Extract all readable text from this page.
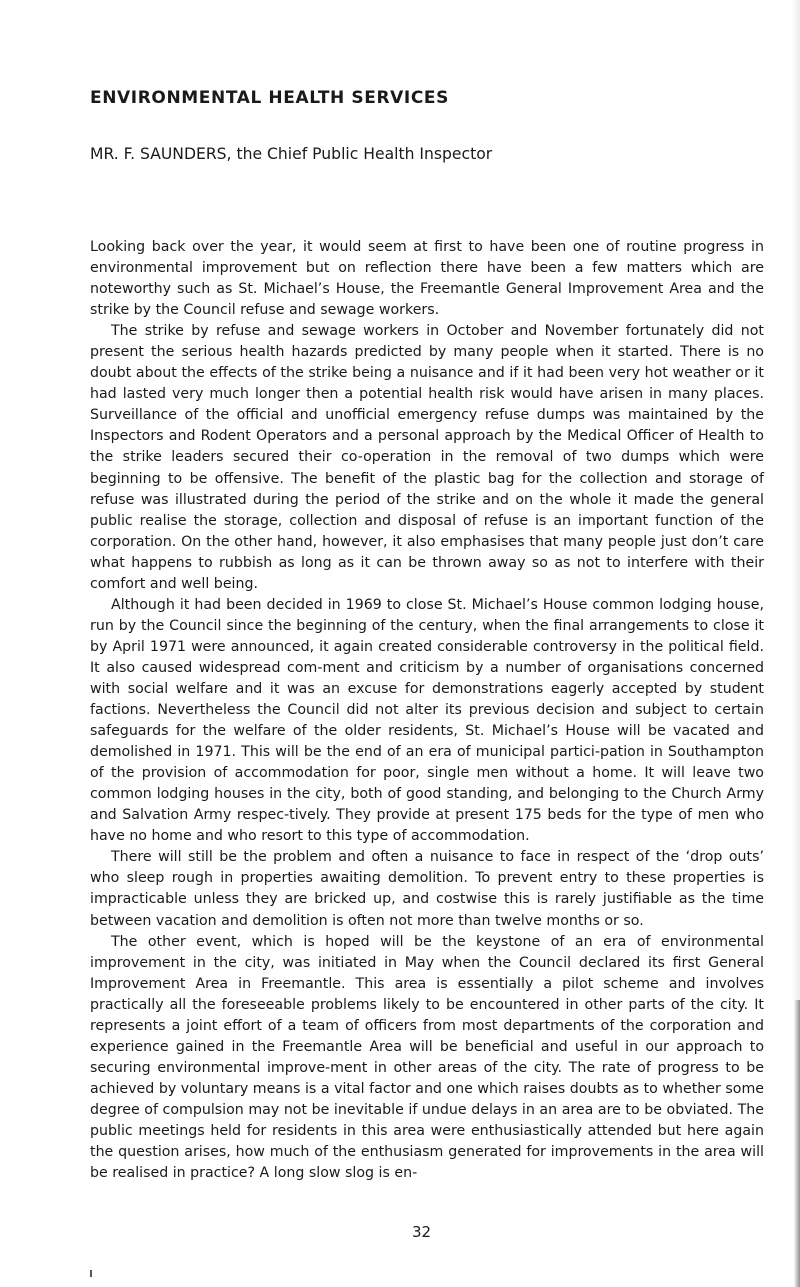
ENVIRONMENTAL HEALTH SERVICES

MR. F. SAUNDERS, the Chief Public Health Inspector

Looking back over the year, it would seem at first to have been one of routine progress in environmental improvement but on reflection there have been a few matters which are noteworthy such as St. Michael’s House, the Freemantle General Improvement Area and the strike by the Council refuse and sewage workers.

The strike by refuse and sewage workers in October and November fortunately did not present the serious health hazards predicted by many people when it started. There is no doubt about the effects of the strike being a nuisance and if it had been very hot weather or it had lasted very much longer then a potential health risk would have arisen in many places. Surveillance of the official and unofficial emergency refuse dumps was maintained by the Inspectors and Rodent Operators and a personal approach by the Medical Officer of Health to the strike leaders secured their co-operation in the removal of two dumps which were beginning to be offensive. The benefit of the plastic bag for the collection and storage of refuse was illustrated during the period of the strike and on the whole it made the general public realise the storage, collection and disposal of refuse is an important function of the corporation. On the other hand, however, it also emphasises that many people just don’t care what happens to rubbish as long as it can be thrown away so as not to interfere with their comfort and well being.

Although it had been decided in 1969 to close St. Michael’s House common lodging house, run by the Council since the beginning of the century, when the final arrangements to close it by April 1971 were announced, it again created considerable controversy in the political field. It also caused widespread com-ment and criticism by a number of organisations concerned with social welfare and it was an excuse for demonstrations eagerly accepted by student factions. Nevertheless the Council did not alter its previous decision and subject to certain safeguards for the welfare of the older residents, St. Michael’s House will be vacated and demolished in 1971. This will be the end of an era of municipal partici-pation in Southampton of the provision of accommodation for poor, single men without a home. It will leave two common lodging houses in the city, both of good standing, and belonging to the Church Army and Salvation Army respec-tively. They provide at present 175 beds for the type of men who have no home and who resort to this type of accommodation.

There will still be the problem and often a nuisance to face in respect of the ‘drop outs’ who sleep rough in properties awaiting demolition. To prevent entry to these properties is impracticable unless they are bricked up, and costwise this is rarely justifiable as the time between vacation and demolition is often not more than twelve months or so.

The other event, which is hoped will be the keystone of an era of environmental improvement in the city, was initiated in May when the Council declared its first General Improvement Area in Freemantle. This area is essentially a pilot scheme and involves practically all the foreseeable problems likely to be encountered in other parts of the city. It represents a joint effort of a team of officers from most departments of the corporation and experience gained in the Freemantle Area will be beneficial and useful in our approach to securing environmental improve-ment in other areas of the city. The rate of progress to be achieved by voluntary means is a vital factor and one which raises doubts as to whether some degree of compulsion may not be inevitable if undue delays in an area are to be obviated. The public meetings held for residents in this area were enthusiastically attended but here again the question arises, how much of the enthusiasm generated for improvements in the area will be realised in practice? A long slow slog is en-

32
